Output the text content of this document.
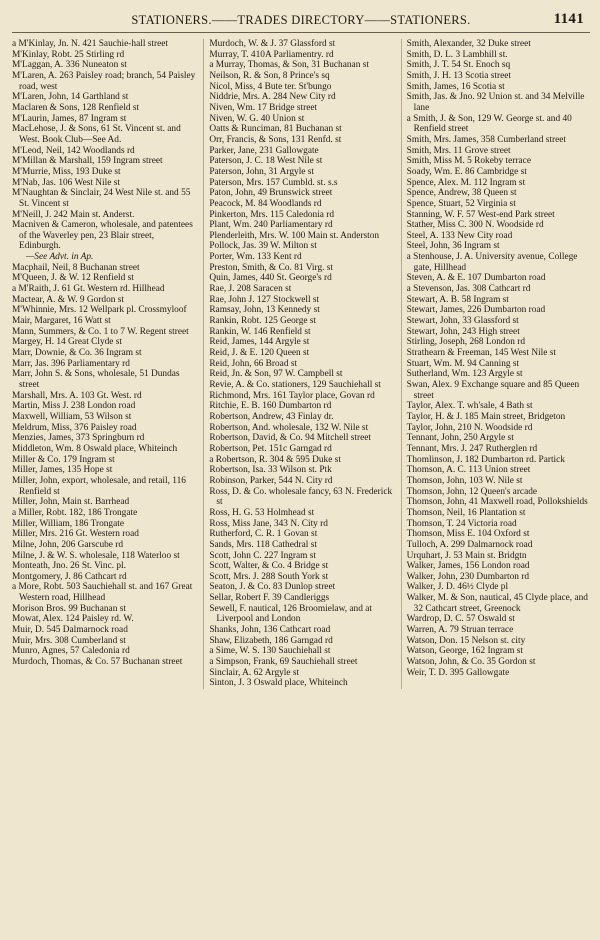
STATIONERS.——TRADES DIRECTORY——STATIONERS.	1141

a M'Kinlay, Jn. N. 421 Sauchie-hall street

M'Kinlay, Robt. 25 Stirling rd

M'Laggan, A. 336 Nuneaton st

M'Laren, A. 263 Paisley road; branch, 54 Paisley road, west

M'Laren, John, 14 Garthland st

Maclaren & Sons, 128 Renfield st

M'Laurin, James, 87 Ingram st

MacLehose, J. & Sons, 61 St. Vincent st. and West. Book Club—See Ad.

M'Leod, Neil, 142 Woodlands rd

M'Millan & Marshall, 159 Ingram street

M'Murrie, Miss, 193 Duke st

M'Nab, Jas. 106 West Nile st

M'Naughtan & Sinclair, 24 West Nile st. and 55 St. Vincent st

M'Neill, J. 242 Main st. Anderst.

Macniven & Cameron, wholesale, and patentees of the Waverley pen, 23 Blair street, Edinburgh.

—See Advt. in Ap.

Macphail, Neil, 8 Buchanan street

M'Queen, J. & W. 12 Renfield st

a M'Raith, J. 61 Gt. Western rd. Hillhead

Mactear, A. & W. 9 Gordon st

M'Whinnie, Mrs. 12 Wellpark pl. Crossmyloof

Mair, Margaret, 16 Watt st

Mann, Summers, & Co. 1 to 7 W. Regent street

Margey, H. 14 Great Clyde st

Marr, Downie, & Co. 36 Ingram st

Marr, Jas. 396 Parliamentary rd

Marr, John S. & Sons, wholesale, 51 Dundas street

Marshall, Mrs. A. 103 Gt. West. rd

Martin, Miss J. 238 London road

Maxwell, William, 53 Wilson st

Meldrum, Miss, 376 Paisley road

Menzies, James, 373 Springburn rd

Middleton, Wm. 8 Oswald place, Whiteinch

Miller & Co. 179 Ingram st

Miller, James, 135 Hope st

Miller, John, export, wholesale, and retail, 116 Renfield st

Miller, John, Main st. Barrhead

a Miller, Robt. 182, 186 Trongate

Miller, William, 186 Trongate

Miller, Mrs. 216 Gt. Western road

Milne, John, 206 Garscube rd

Milne, J. & W. S. wholesale, 118 Waterloo st

Monteath, Jno. 26 St. Vinc. pl.

Montgomery, J. 86 Cathcart rd

a More, Robt. 503 Sauchiehall st. and 167 Great Western road, Hillhead

Morison Bros. 99 Buchanan st

Mowat, Alex. 124 Paisley rd. W.

Muir, D. 545 Dalmarnock road

Muir, Mrs. 308 Cumberland st

Munro, Agnes, 57 Caledonia rd

Murdoch, Thomas, & Co. 57 Buchanan street

Murdoch, W. & J. 37 Glassford st

Murray, T. 410A Parliamentry. rd

a Murray, Thomas, & Son, 31 Buchanan st

Neilson, R. & Son, 8 Prince's sq

Nicol, Miss, 4 Bute ter. St'bungo

Niddrie, Mrs. A. 284 New City rd

Niven, Wm. 17 Bridge street

Niven, W. G. 40 Union st

Oatts & Runciman, 81 Buchanan st

Orr, Francis, & Sons, 131 Renfd. st

Parker, Jane, 231 Gallowgate

Paterson, J. C. 18 West Nile st

Paterson, John, 31 Argyle st

Paterson, Mrs. 157 Cumbld. st. s.s

Paton, John, 49 Brunswick street

Peacock, M. 84 Woodlands rd

Pinkerton, Mrs. 115 Caledonia rd

Plant, Wm. 240 Parliamentary rd

Plenderleith, Mrs. W. 100 Main st. Anderston

Pollock, Jas. 39 W. Milton st

Porter, Wm. 133 Kent rd

Preston, Smith, & Co. 81 Virg. st

Quin, James, 440 St. George's rd

Rae, J. 208 Saracen st

Rae, John J. 127 Stockwell st

Ramsay, John, 13 Kennedy st

Rankin, Robt. 125 George st

Rankin, W. 146 Renfield st

Reid, James, 144 Argyle st

Reid, J. & E. 120 Queen st

Reid, John, 66 Broad st

Reid, Jn. & Son, 97 W. Campbell st

Revie, A. & Co. stationers, 129 Sauchiehall st

Richmond, Mrs. 161 Taylor place, Govan rd

Ritchie, E. B. 160 Dumbarton rd

Robertson, Andrew, 43 Finlay dr.

Robertson, And. wholesale, 132 W. Nile st

Robertson, David, & Co. 94 Mitchell street

Robertson, Pet. 151c Garngad rd

a Robertson, R. 304 & 595 Duke st

Robertson, Isa. 33 Wilson st. Ptk

Robinson, Parker, 544 N. City rd

Ross, D. & Co. wholesale fancy, 63 N. Frederick st

Ross, H. G. 53 Holmhead st

Ross, Miss Jane, 343 N. City rd

Rutherford, C. R. 1 Govan st

Sands, Mrs. 118 Cathedral st

Scott, John C. 227 Ingram st

Scott, Walter, & Co. 4 Bridge st

Scott, Mrs. J. 288 South York st

Seaton, J. & Co. 83 Dunlop street

Sellar, Robert F. 39 Candleriggs

Sewell, F. nautical, 126 Broomielaw, and at Liverpool and London

Shanks, John, 136 Cathcart road

Shaw, Elizabeth, 186 Garngad rd

a Sime, W. S. 130 Sauchiehall st

a Simpson, Frank, 69 Sauchiehall street

Sinclair, A. 62 Argyle st

Sinton, J. 3 Oswald place, Whiteinch

Smith, Alexander, 32 Duke street

Smith, D. L. 3 Lambhill st.

Smith, J. T. 54 St. Enoch sq

Smith, J. H. 13 Scotia street

Smith, James, 16 Scotia st

Smith, Jas. & Jno. 92 Union st. and 34 Melville lane

a Smith, J. & Son, 129 W. George st. and 40 Renfield street

Smith, Mrs. James, 358 Cumberland street

Smith, Mrs. 11 Grove street

Smith, Miss M. 5 Rokeby terrace

Soady, Wm. E. 86 Cambridge st

Spence, Alex. M. 112 Ingram st

Spence, Andrew, 38 Queen st

Spence, Stuart, 52 Virginia st

Stanning, W. F. 57 West-end Park street

Stather, Miss C. 300 N. Woodside rd

Steel, A. 133 New City road

Steel, John, 36 Ingram st

a Stenhouse, J. A. University avenue, College gate, Hillhead

Steven, A. & E. 107 Dumbarton road

a Stevenson, Jas. 308 Cathcart rd

Stewart, A. B. 58 Ingram st

Stewart, James, 226 Dumbarton road

Stewart, John, 33 Glassford st

Stewart, John, 243 High street

Stirling, Joseph, 268 London rd

Strathearn & Freeman, 145 West Nile st

Stuart, Wm. M. 94 Canning st

Sutherland, Wm. 123 Argyle st

Swan, Alex. 9 Exchange square and 85 Queen street

Taylor, Alex. T. wh'sale, 4 Bath st

Taylor, H. & J. 185 Main street, Bridgeton

Taylor, John, 210 N. Woodside rd

Tennant, John, 250 Argyle st

Tennant, Mrs. J. 247 Rutherglen rd

Thomlinson, J. 182 Dumbarton rd. Partick

Thomson, A. C. 113 Union street

Thomson, John, 103 W. Nile st

Thomson, John, 12 Queen's arcade

Thomson, John, 41 Maxwell road, Pollokshields

Thomson, Neil, 16 Plantation st

Thomson, T. 24 Victoria road

Thomson, Miss E. 104 Oxford st

Tulloch, A. 299 Dalmarnock road

Urquhart, J. 53 Main st. Bridgtn

Walker, James, 156 London road

Walker, John, 230 Dumbarton rd

Walker, J. D. 46½ Clyde pl

Walker, M. & Son, nautical, 45 Clyde place, and 32 Cathcart street, Greenock

Wardrop, D. C. 57 Oswald st

Warren, A. 79 Struan terrace

Watson, Don. 15 Nelson st. city

Watson, George, 162 Ingram st

Watson, John, & Co. 35 Gordon st

Weir, T. D. 395 Gallowgate
